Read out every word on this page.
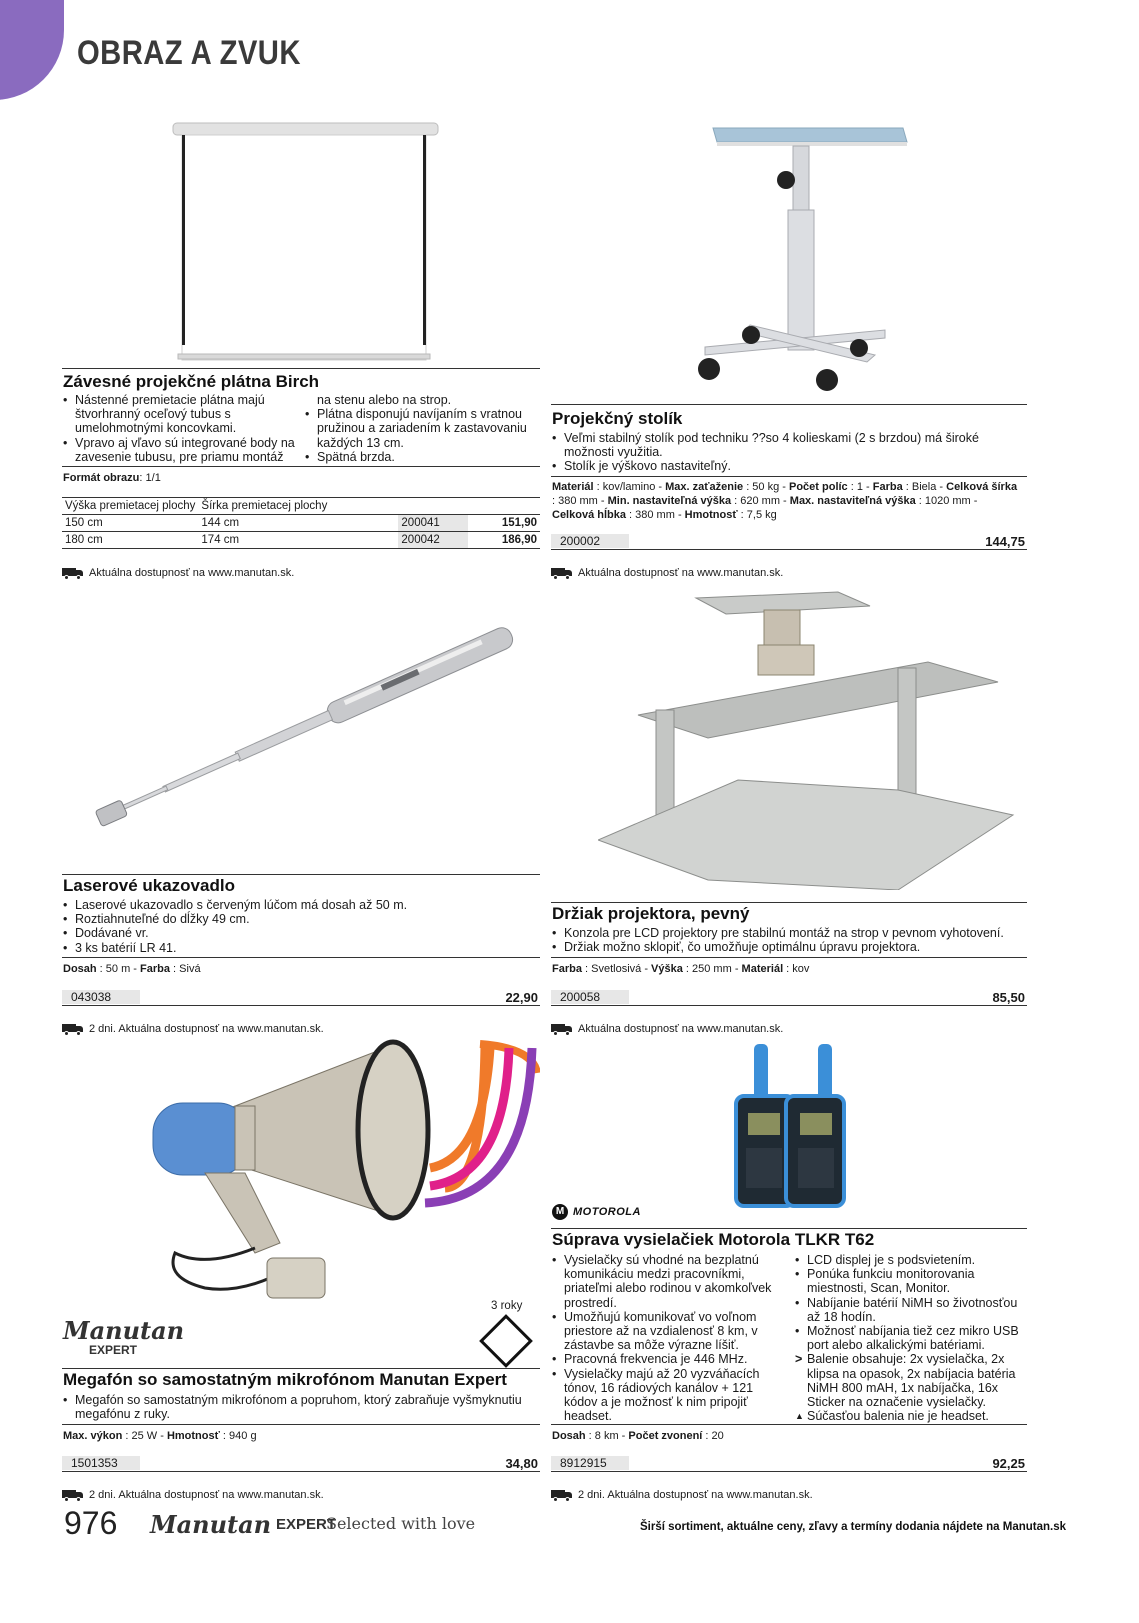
OBRAZ A ZVUK
Závesné projekčné plátna Birch
• Nástenné premietacie plátna majú štvorhranný oceľový tubus s umelohmotnými koncovkami.
• Vpravo aj vľavo sú integrované body na zavesenie tubusu, pre priamu montáž
na stenu alebo na strop.
• Plátna disponujú navíjaním s vratnou pružinou a zariadením k zastavovaniu každých 13 cm.
• Spätná brzda.
Formát obrazu: 1/1
Výška premietacej plochy	Šírka premietacej plochy		
150 cm	144 cm	200041	151,90
180 cm	174 cm	200042	186,90
Aktuálna dostupnosť na www.manutan.sk.
Projekčný stolík
• Veľmi stabilný stolík pod techniku ??so 4 kolieskami (2 s brzdou) má široké možnosti využitia.
• Stolík je výškovo nastaviteľný.
Materiál : kov/lamino - Max. zaťaženie : 50 kg - Počet políc : 1 - Farba : Biela - Celková šírka : 380 mm - Min. nastaviteľná výška : 620 mm - Max. nastaviteľná výška : 1020 mm - Celková hĺbka : 380 mm - Hmotnosť : 7,5 kg
200002	144,75
Aktuálna dostupnosť na www.manutan.sk.
Laserové ukazovadlo
• Laserové ukazovadlo s červeným lúčom má dosah až 50 m.
• Roztiahnuteľné do dĺžky 49 cm.
• Dodávané vr.
• 3 ks batérií LR 41.
Dosah : 50 m - Farba : Sivá
043038	22,90
2 dni. Aktuálna dostupnosť na www.manutan.sk.
Držiak projektora, pevný
• Konzola pre LCD projektory pre stabilnú montáž na strop v pevnom vyhotovení.
• Držiak možno sklopiť, čo umožňuje optimálnu úpravu projektora.
Farba : Svetlosivá - Výška : 250 mm - Materiál : kov
200058	85,50
Aktuálna dostupnosť na www.manutan.sk.
3 roky
Manutan
EXPERT
Megafón so samostatným mikrofónom Manutan Expert
• Megafón so samostatným mikrofónom a popruhom, ktorý zabraňuje vyšmyknutiu megafónu z ruky.
Max. výkon : 25 W - Hmotnosť : 940 g
1501353	34,80
2 dni. Aktuálna dostupnosť na www.manutan.sk.
M MOTOROLA
Súprava vysielačiek Motorola TLKR T62
• Vysielačky sú vhodné na bezplatnú komunikáciu medzi pracovníkmi, priateľmi alebo rodinou v akomkoľvek prostredí.
• Umožňujú komunikovať vo voľnom priestore až na vzdialenosť 8 km, v zástavbe sa môže výrazne líšiť.
• Pracovná frekvencia je 446 MHz.
• Vysielačky majú až 20 vyzváňacích tónov, 16 rádiových kanálov + 121 kódov a je možnosť k nim pripojiť headset.
• LCD displej je s podsvietením.
• Ponúka funkciu monitorovania miestnosti, Scan, Monitor.
• Nabíjanie batérií NiMH so životnosťou až 18 hodín.
• Možnosť nabíjania tiež cez mikro USB port alebo alkalickými batériami.
> Balenie obsahuje: 2x vysielačka, 2x klipsa na opasok, 2x nabíjacia batéria NiMH 800 mAH, 1x nabíjačka, 16x Sticker na označenie vysielačky.
▲ Súčasťou balenia nie je headset.
Dosah : 8 km - Počet zvonení : 20
8912915	92,25
2 dni. Aktuálna dostupnosť na www.manutan.sk.
976 Manutan EXPERT
Selected with love	Širší sortiment, aktuálne ceny, zľavy a termíny dodania nájdete na Manutan.sk
